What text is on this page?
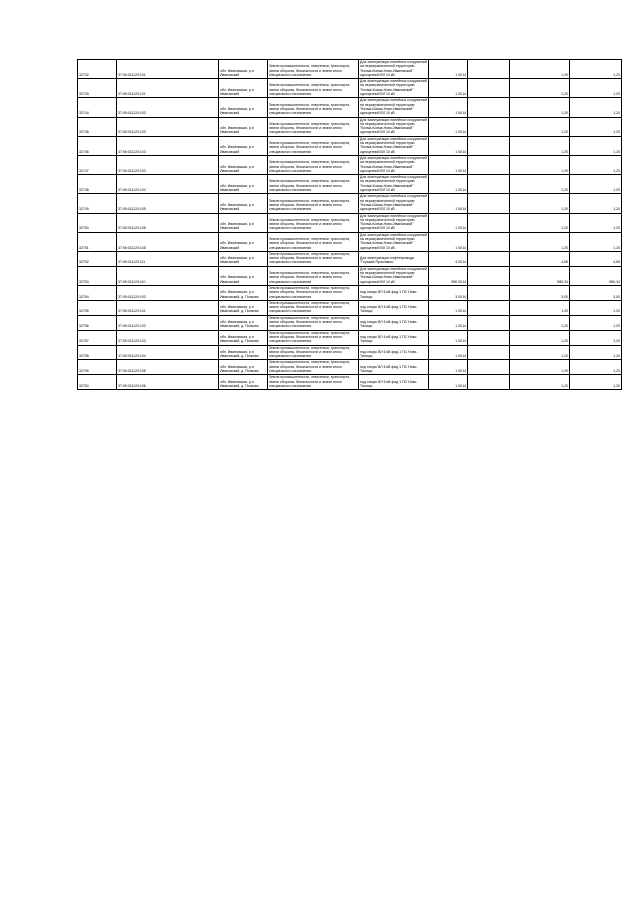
32742	37:05:011120:101	обл. Ивановская, р-н Ивановский	Земли промышленности, энергетики, транспорта, земли обороны, безопасности и земли иного специального назначения	Для эксплуатации линейных сооружений на неразграниченной территории "Кохма-Кохма-Ново-Ивановский" одноцепной ВЛ 10 кВ	1 0014		1,20	1,20
32743	37:05:011120:101	обл. Ивановская, р-н Ивановский	Земли промышленности, энергетики, транспорта, земли обороны, безопасности и земли иного специального назначения	Для эксплуатации линейных сооружений на неразграниченной территории "Кохма-Кохма-Ново-Ивановский" одноцепной ВЛ 10 кВ	1 0014		1,20	1,20
32744	37:05:011120:102	обл. Ивановская, р-н Ивановский	Земли промышленности, энергетики, транспорта, земли обороны, безопасности и земли иного специального назначения	Для эксплуатации линейных сооружений на неразграниченной территории "Кохма-Кохма-Ново-Ивановский" одноцепной ВЛ 10 кВ	1 0014		1,20	1,20
32745	37:05:011120:103	обл. Ивановская, р-н Ивановский	Земли промышленности, энергетики, транспорта, земли обороны, безопасности и земли иного специального назначения	Для эксплуатации линейных сооружений на неразграниченной территории "Кохма-Кохма-Ново-Ивановский" одноцепной ВЛ 10 кВ	1 0014		1,20	1,20
32746	37:05:011120:103	обл. Ивановская, р-н Ивановский	Земли промышленности, энергетики, транспорта, земли обороны, безопасности и земли иного специального назначения	Для эксплуатации линейных сооружений на неразграниченной территории "Кохма-Кохма-Ново-Ивановский" одноцепной ВЛ 10 кВ	1 0014		1,20	1,20
32747	37:05:011120:103	обл. Ивановская, р-н Ивановский	Земли промышленности, энергетики, транспорта, земли обороны, безопасности и земли иного специального назначения	Для эксплуатации линейных сооружений на неразграниченной территории "Кохма-Кохма-Ново-Ивановский" одноцепной ВЛ 10 кВ	1 0014		1,20	1,20
32748	37:05:011120:104	обл. Ивановская, р-н Ивановский	Земли промышленности, энергетики, транспорта, земли обороны, безопасности и земли иного специального назначения	Для эксплуатации линейных сооружений на неразграниченной территории "Кохма-Кохма-Ново-Ивановский" одноцепной ВЛ 10 кВ	1 0014		1,20	1,20
32749	37:05:011120:105	обл. Ивановская, р-н Ивановский	Земли промышленности, энергетики, транспорта, земли обороны, безопасности и земли иного специального назначения	Для эксплуатации линейных сооружений на неразграниченной территории "Кохма-Кохма-Ново-Ивановский" одноцепной ВЛ 10 кВ	1 0014		1,20	1,20
32750	37:05:011120:106	обл. Ивановская, р-н Ивановский	Земли промышленности, энергетики, транспорта, земли обороны, безопасности и земли иного специального назначения	Для эксплуатации линейных сооружений на неразграниченной территории "Кохма-Кохма-Ново-Ивановский" одноцепной ВЛ 10 кВ	1 0014		1,20	1,20
32751	37:05:011120:108	обл. Ивановская, р-н Ивановский	Земли промышленности, энергетики, транспорта, земли обороны, безопасности и земли иного специального назначения	Для эксплуатации линейных сооружений на неразграниченной территории "Кохма-Кохма-Ново-Ивановский" одноцепной ВЛ 10 кВ	1 0014		1,20	1,20
32752	37:05:011120:111	обл. Ивановская, р-н Ивановский	Земли промышленности, энергетики, транспорта, земли обороны, безопасности и земли иного специального назначения	Для эксплуатации нефтепровода "Горький-Ярославль"	4 0014		4,65	4,65
32753	37:05:011120:110	обл. Ивановская, р-н Ивановский	Земли промышленности, энергетики, транспорта, земли обороны, безопасности и земли иного специального назначения	Для эксплуатации линейных сооружений на неразграниченной территории "Кохма-Кохма-Ново-Ивановский" одноцепной ВЛ 10 кВ	580 0014		580,34	580,34
32754	37:05:011120:102	обл. Ивановская, р-н Ивановский, д. Попково	Земли промышленности, энергетики, транспорта, земли обороны, безопасности и земли иного специального назначения	под опоры ВЛ 6 кВ фид 1 ПС Ново-Талицы	3 0014		3,00	3,00
32755	37:05:011120:101	обл. Ивановская, р-н Ивановский, д. Попково	Земли промышленности, энергетики, транспорта, земли обороны, безопасности и земли иного специального назначения	под опоры ВЛ 6 кВ фид 1 ПС Ново-Талицы	1 0014		1,20	1,20
32756	37:05:011120:102	обл. Ивановская, р-н Ивановский, д. Попково	Земли промышленности, энергетики, транспорта, земли обороны, безопасности и земли иного специального назначения	под опоры ВЛ 6 кВ фид 1 ПС Ново-Талицы	1 0014		1,20	1,20
32757	37:05:011120:103	обл. Ивановская, р-н Ивановский, д. Попково	Земли промышленности, энергетики, транспорта, земли обороны, безопасности и земли иного специального назначения	под опоры ВЛ 6 кВ фид 1 ПС Ново-Талицы	1 0014		1,20	1,20
32758	37:05:011120:104	обл. Ивановская, р-н Ивановский, д. Попково	Земли промышленности, энергетики, транспорта, земли обороны, безопасности и земли иного специального назначения	под опоры ВЛ 6 кВ фид 1 ПС Ново-Талицы	1 0014		1,20	1,20
32759	37:05:011120:105	обл. Ивановская, р-н Ивановский, д. Попково	Земли промышленности, энергетики, транспорта, земли обороны, безопасности и земли иного специального назначения	под опоры ВЛ 6 кВ фид 1 ПС Ново-Талицы	1 0014		1,20	1,20
32760	37:05:011120:106	обл. Ивановская, р-н Ивановский, д. Попково	Земли промышленности, энергетики, транспорта, земли обороны, безопасности и земли иного специального назначения	под опоры ВЛ 6 кВ фид 1 ПС Ново-Талицы	1 0014		1,20	1,20
